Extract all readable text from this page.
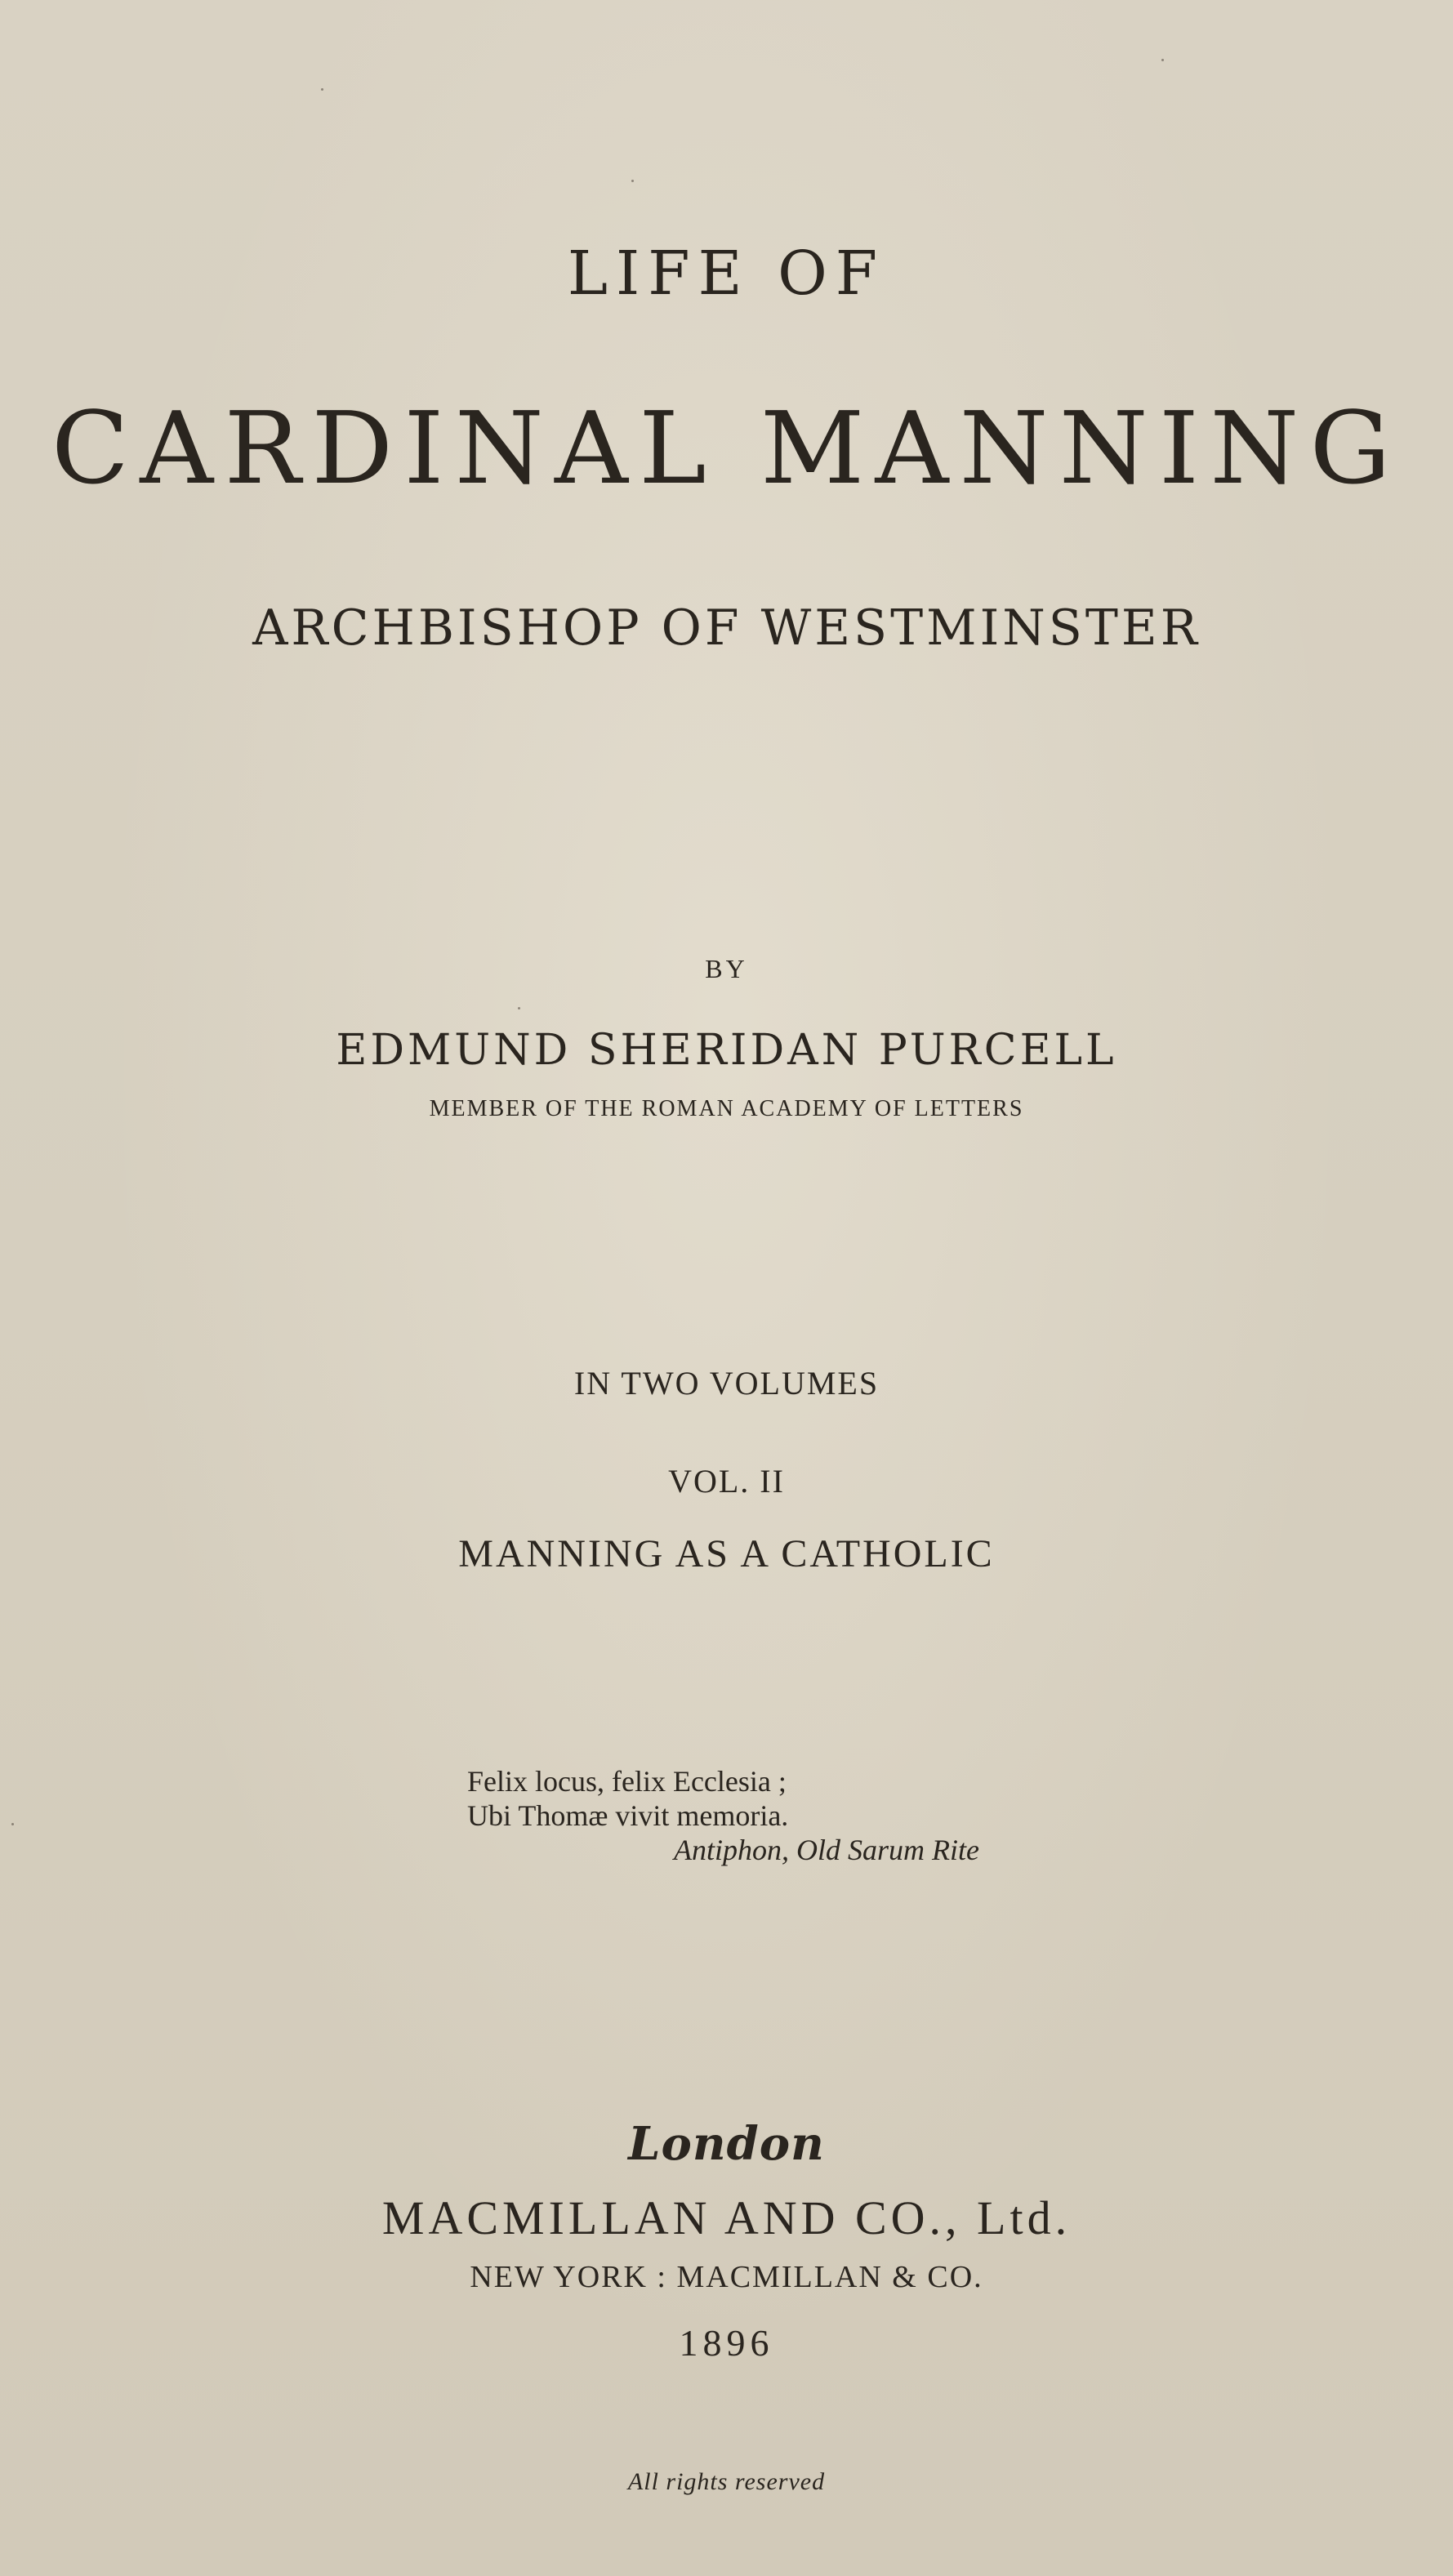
LIFE OF
CARDINAL MANNING
ARCHBISHOP OF WESTMINSTER
BY
EDMUND SHERIDAN PURCELL
MEMBER OF THE ROMAN ACADEMY OF LETTERS
IN TWO VOLUMES
VOL. II
MANNING AS A CATHOLIC
Felix locus, felix Ecclesia ;
Ubi Thomæ vivit memoria.
Antiphon, Old Sarum Rite
London
MACMILLAN AND CO., Ltd.
NEW YORK : MACMILLAN & CO.
1896
All rights reserved
